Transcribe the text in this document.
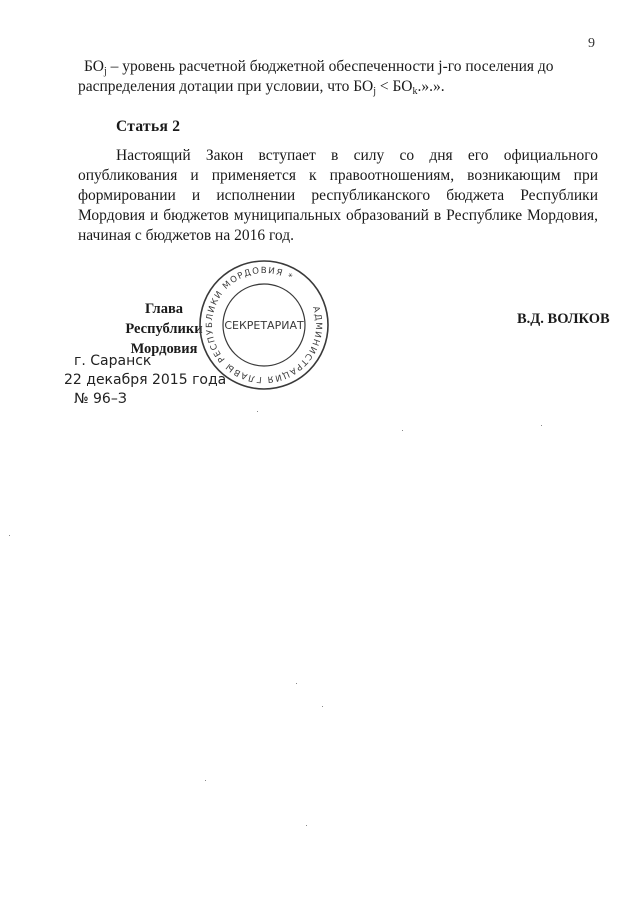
9
$БО_j$ – уровень расчетной бюджетной обеспеченности j-го поселения до
распределения дотации при условии, что $БО_j < БО_k$.».».
Статья 2
Настоящий Закон вступает в силу со дня его официального
опубликования и применяется к правоотношениям, возникающим при
формировании и исполнении республиканского бюджета Республики
Мордовия и бюджетов муниципальных образований в Республике Мордовия,
начиная с бюджетов на 2016 год.
Глава
Республики Мордовия
В.Д. ВОЛКОВ
АДМИНИСТРАЦИЯ ГЛАВЫ РЕСПУБЛИКИ МОРДОВИЯ *
СЕКРЕТАРИАТ
г. Саранск
22 декабря 2015 года
№ 96–З
